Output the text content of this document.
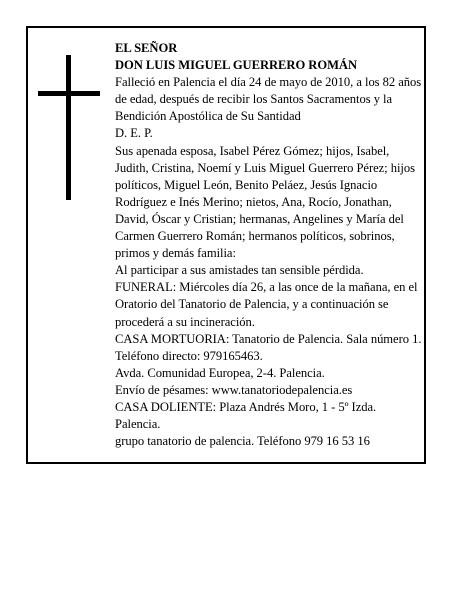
EL SEÑOR

DON LUIS MIGUEL GUERRERO ROMÁN

Falleció en Palencia el día 24 de mayo de 2010, a los 82 años de edad, después de recibir los Santos Sacramentos y la Bendición Apostólica de Su Santidad

D. E. P.

Sus apenada esposa, Isabel Pérez Gómez; hijos, Isabel, Judith, Cristina, Noemí y Luis Miguel Guerrero Pérez; hijos políticos, Miguel León, Benito Peláez, Jesús Ignacio Rodríguez e Inés Merino; nietos, Ana, Rocío, Jonathan, David, Óscar y Cristian; hermanas, Angelines y María del Carmen Guerrero Román; hermanos políticos, sobrinos, primos y demás familia:

Al participar a sus amistades tan sensible pérdida.

FUNERAL: Miércoles día 26, a las once de la mañana, en el Oratorio del Tanatorio de Palencia, y a continuación se procederá a su incineración.

CASA MORTUORIA: Tanatorio de Palencia. Sala número 1. Teléfono directo: 979165463.

Avda. Comunidad Europea, 2-4. Palencia.

Envío de pésames: www.tanatoriodepalencia.es

CASA DOLIENTE: Plaza Andrés Moro, 1 - 5º Izda. Palencia.

grupo tanatorio de palencia. Teléfono 979 16 53 16
